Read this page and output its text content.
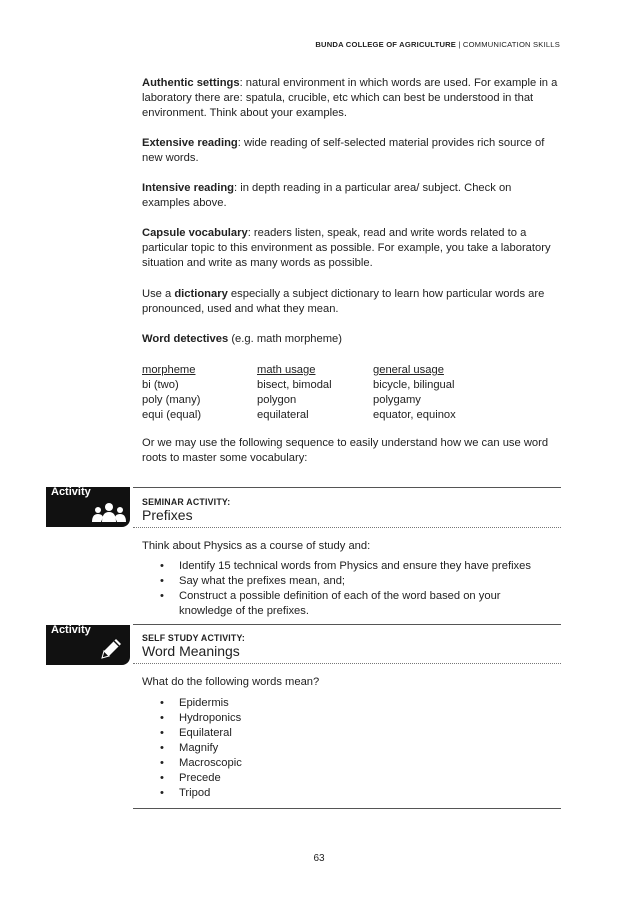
BUNDA COLLEGE OF AGRICULTURE | COMMUNICATION SKILLS

Authentic settings: natural environment in which words are used. For example in a laboratory there are: spatula, crucible, etc which can best be understood in that environment. Think about your examples.

Extensive reading: wide reading of self-selected material provides rich source of new words.

Intensive reading: in depth reading in a particular area/ subject. Check on examples above.

Capsule vocabulary: readers listen, speak, read and write words related to a particular topic to this environment as possible. For example, you take a laboratory situation and write as many words as possible.

Use a dictionary especially a subject dictionary to learn how particular words are pronounced, used and what they mean.

Word detectives (e.g. math morpheme)

morpheme	math usage	general usage
bi (two)	bisect, bimodal	bicycle, bilingual
poly (many)	polygon	polygamy
equi (equal)	equilateral	equator, equinox

Or we may use the following sequence to easily understand how we can use word roots to master some vocabulary:

Activity
SEMINAR ACTIVITY:
Prefixes

Think about Physics as a course of study and:

• Identify 15 technical words from Physics and ensure they have prefixes
• Say what the prefixes mean, and;
• Construct a possible definition of each of the word based on your knowledge of the prefixes.
Activity
SELF STUDY ACTIVITY:
Word Meanings

What do the following words mean?

• Epidermis
• Hydroponics
• Equilateral
• Magnify
• Macroscopic
• Precede
• Tripod
63
